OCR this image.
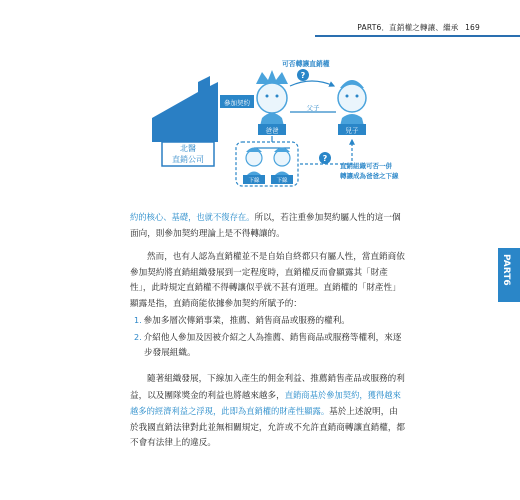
PART6．直銷權之轉讓、繼承 169
北醫
直銷公司
參加契約
爸爸	兒子
?
可否轉讓直銷權
父子
下線	下線
?
直銷組織可否一併
轉讓成為爸爸之下線
約的核心、基礎，也就不復存在。所以，若注重參加契約屬人性的這一個面向，則參加契約理論上是不得轉讓的。
然而，也有人認為直銷權並不是自始自終都只有屬人性，當直銷商依參加契約將直銷組織發展到一定程度時，直銷權反而會顯露其「財產性」，此時規定直銷權不得轉讓似乎就不甚有道理。直銷權的「財產性」顯露是指，直銷商能依據參加契約所賦予的：
1. 參加多層次傳銷事業，推薦、銷售商品或服務的權利。
2. 介紹他人參加及因被介紹之人為推薦、銷售商品或服務等權利，來逐步發展組織。
隨著組織發展，下線加入產生的佣金利益、推薦銷售產品或服務的利益，以及團隊獎金的利益也將越來越多，直銷商基於參加契約，獲得越來越多的經濟利益之浮現，此即為直銷權的財產性顯露。基於上述說明，由於我國直銷法律對此並無相關規定，允許或不允許直銷商轉讓直銷權，都不會有法律上的違反。
PART6
